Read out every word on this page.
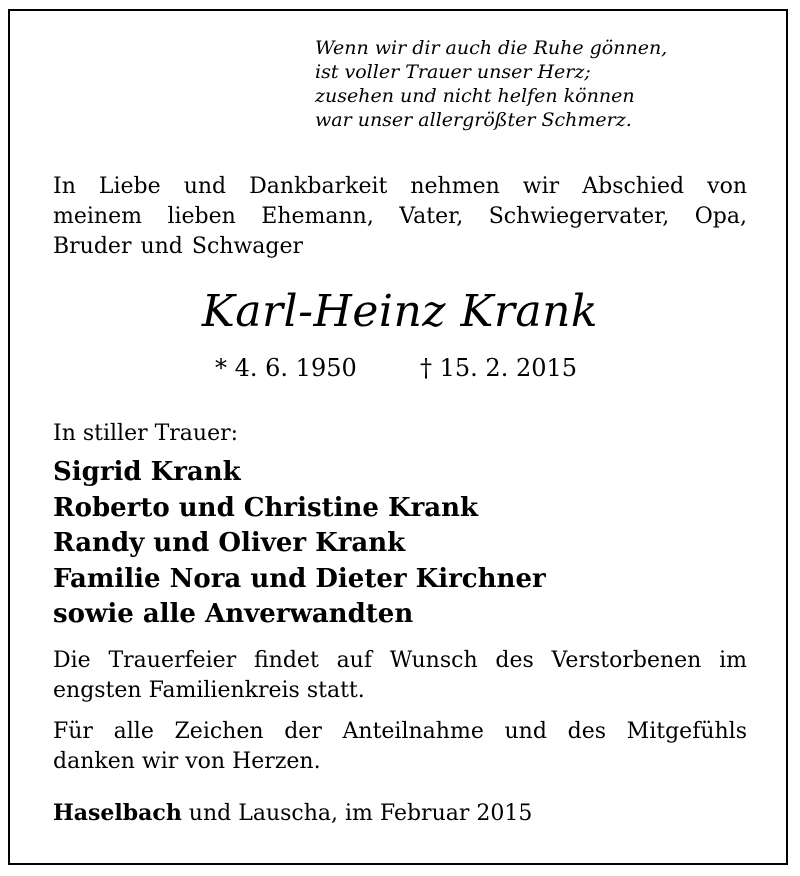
Wenn wir dir auch die Ruhe gönnen,
ist voller Trauer unser Herz;
zusehen und nicht helfen können
war unser allergrößter Schmerz.
In Liebe und Dankbarkeit nehmen wir Abschied von
meinem lieben Ehemann, Vater, Schwiegervater, Opa,
Bruder und Schwager
Karl-Heinz Krank
* 4. 6. 1950	† 15. 2. 2015
In stiller Trauer:
Sigrid Krank
Roberto und Christine Krank
Randy und Oliver Krank
Familie Nora und Dieter Kirchner
sowie alle Anverwandten
Die Trauerfeier findet auf Wunsch des Verstorbenen im
engsten Familienkreis statt.
Für alle Zeichen der Anteilnahme und des Mitgefühls
danken wir von Herzen.
Haselbach und Lauscha, im Februar 2015
